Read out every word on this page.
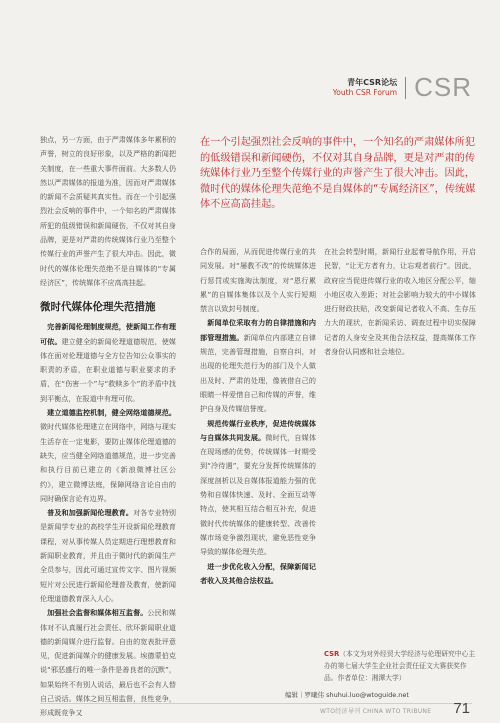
青年CSR论坛
Youth CSR Forum CSR

独点，另一方面，由于严肃媒体多年累积的声誉，树立的良好形象，以及严格的新闻把关制度，在一些重大事件面前。大多数人仍然以严肃媒体的报道为准，因而对严肃媒体的新闻不会质疑其真实性。而在一个引起强烈社会反响的事件中，一个知名的严肃媒体所犯的低级错误和新闻硬伤，不仅对其自身品牌，更是对严肃的传统媒体行业乃至整个传媒行业的声誉产生了很大冲击。因此，微时代的媒体伦理失范绝不是自媒体的“专属经济区”，传统媒体不应高高挂起。

微时代媒体伦理失范措施

 完善新闻伦理制度规范，使新闻工作有理可依。建立健全的新闻伦理道德规范，使媒体在面对伦理道德与全方位告知公众事实的职责的矛盾，在职业道德与职业要求的矛盾，在“伤害一个”与“救赎多个”的矛盾中找到平衡点，在报道中有理可依。

 建立道德监控机制，健全网络道德规范。微时代媒体伦理建立在网络中，网络与现实生活存在一定鬼影，要防止媒体伦理道德的缺失，应当健全网络道德规范，进一步完善和执行目前已建立的《新浪微博社区公约》，建立微博法庭，保障网络言论自由的同时确保言论有边界。

 普及和加强新闻伦理教育。对各专业特别是新闻学专业的高校学生开设新闻伦理教育课程，对从事传媒人员定期进行理想教育和新闻职业教育，并且由于微时代的新闻生产全员参与，因此可通过宣传文字、图片视频短片对公民进行新闻伦理普及教育，使新闻伦理道德教育深入人心。

 加强社会监督和媒体相互监督。公民和媒体对不认真履行社会责任、欣环新闻职业道德的新闻媒介进行监督。自由的宽表批评意见，促进新闻媒介的健康发展。埃德蒙伯克说“邪恶盛行的唯一条件是善良者的沉默”，如果始终不有别人说话，最后也不会有人替自己说话。媒体之间互相监督，良性竞争，形成既竞争又

在一个引起强烈社会反响的事件中，一个知名的严肃媒体所犯的低级错误和新闻硬伤，不仅对其自身品牌，更是对严肃的传统媒体行业乃至整个传媒行业的声誉产生了很大冲击。因此，微时代的媒体伦理失范绝不是自媒体的“专属经济区”，传统媒体不应高高挂起。

合作的局面，从而促进传媒行业的共同发展。对“屡教不改”的传统媒体进行惩罚或实施淘汰制度，对“恩行累累”的自媒体集体以及个人实行短期禁言以致封号制度。

 新闻单位采取有力的自律措施和内部管理措施。新闻单位内部建立自律规范，完善管理措施，自察自纠，对出现的伦理失范行为的部门及个人做出及时、严肃的处理，像被借自己的眼睛一样爱惜自己和传媒的声誉，维护自身及传媒信誉度。

 规范传媒行业秩序，促进传统媒体与自媒体共同发展。微时代，自媒体在现场感的优势，传统媒体一时期受到“冷待遇”，要充分发挥传统媒体的深度剖析以及自媒体报道能力强的优势和自媒体快速、及时、全面互动等特点，使其相互结合相互补充，促进微时代传统媒体的健康转型、改善传媒市场竞争激烈现状，避免恶性竞争导致的媒体伦理失范。

 进一步优化收入分配，保障新闻记者收入及其他合法权益。

在社会转型时期，新闻行业起着导航作用，开启民智，“让无方者有力，让忘观者前行”。因此，政府应当促进传媒行业的收入地区分配公平，缩小地区收入差距；对社会影响力较大的中小媒体进行财政扶贴，改变新闻记者收入不高、生存压力大的现状，在新闻采访、调查过程中切实保障记者的人身安全及其他合法权益，提高媒体工作者身份认同感和社会地位。

CSR（本文为对外经贸大学经济与伦理研究中心主办的第七届大学生企业社会责任征文大赛获奖作品。作者单位：湘潭大学）
编辑｜罗曦伟 shuhui.luo@wtoguide.net
WTO经济导刊 CHINA WTO TRIBUNE 71
